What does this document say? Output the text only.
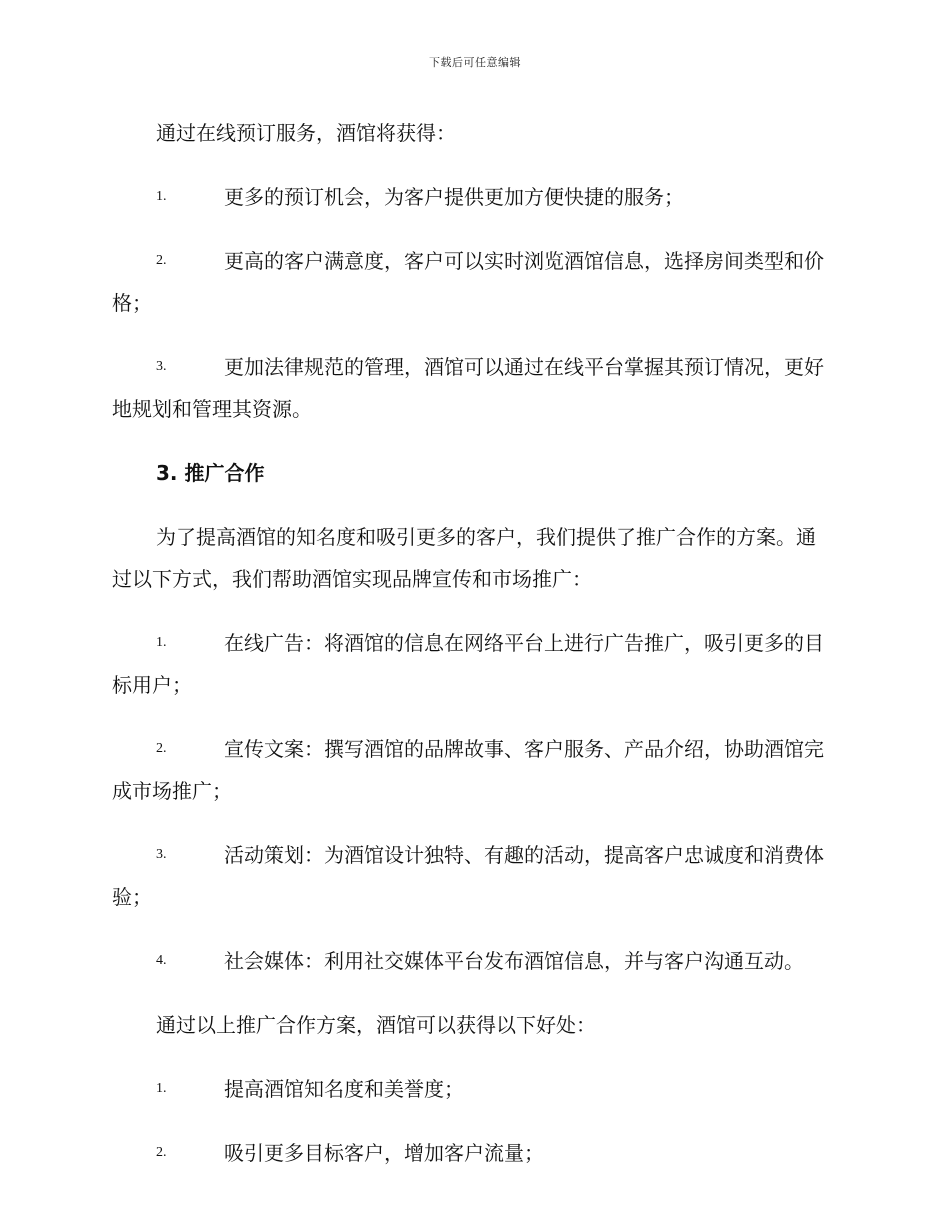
下载后可任意编辑

通过在线预订服务，酒馆将获得：

1.	更多的预订机会，为客户提供更加方便快捷的服务；

2.	更高的客户满意度，客户可以实时浏览酒馆信息，选择房间类型和价格；

3.	更加法律规范的管理，酒馆可以通过在线平台掌握其预订情况，更好地规划和管理其资源。

3. 推广合作

为了提高酒馆的知名度和吸引更多的客户，我们提供了推广合作的方案。通过以下方式，我们帮助酒馆实现品牌宣传和市场推广：

1.	在线广告：将酒馆的信息在网络平台上进行广告推广，吸引更多的目标用户；

2.	宣传文案：撰写酒馆的品牌故事、客户服务、产品介绍，协助酒馆完成市场推广；

3.	活动策划：为酒馆设计独特、有趣的活动，提高客户忠诚度和消费体验；

4.	社会媒体：利用社交媒体平台发布酒馆信息，并与客户沟通互动。

通过以上推广合作方案，酒馆可以获得以下好处：

1.	提高酒馆知名度和美誉度；

2.	吸引更多目标客户，增加客户流量；
